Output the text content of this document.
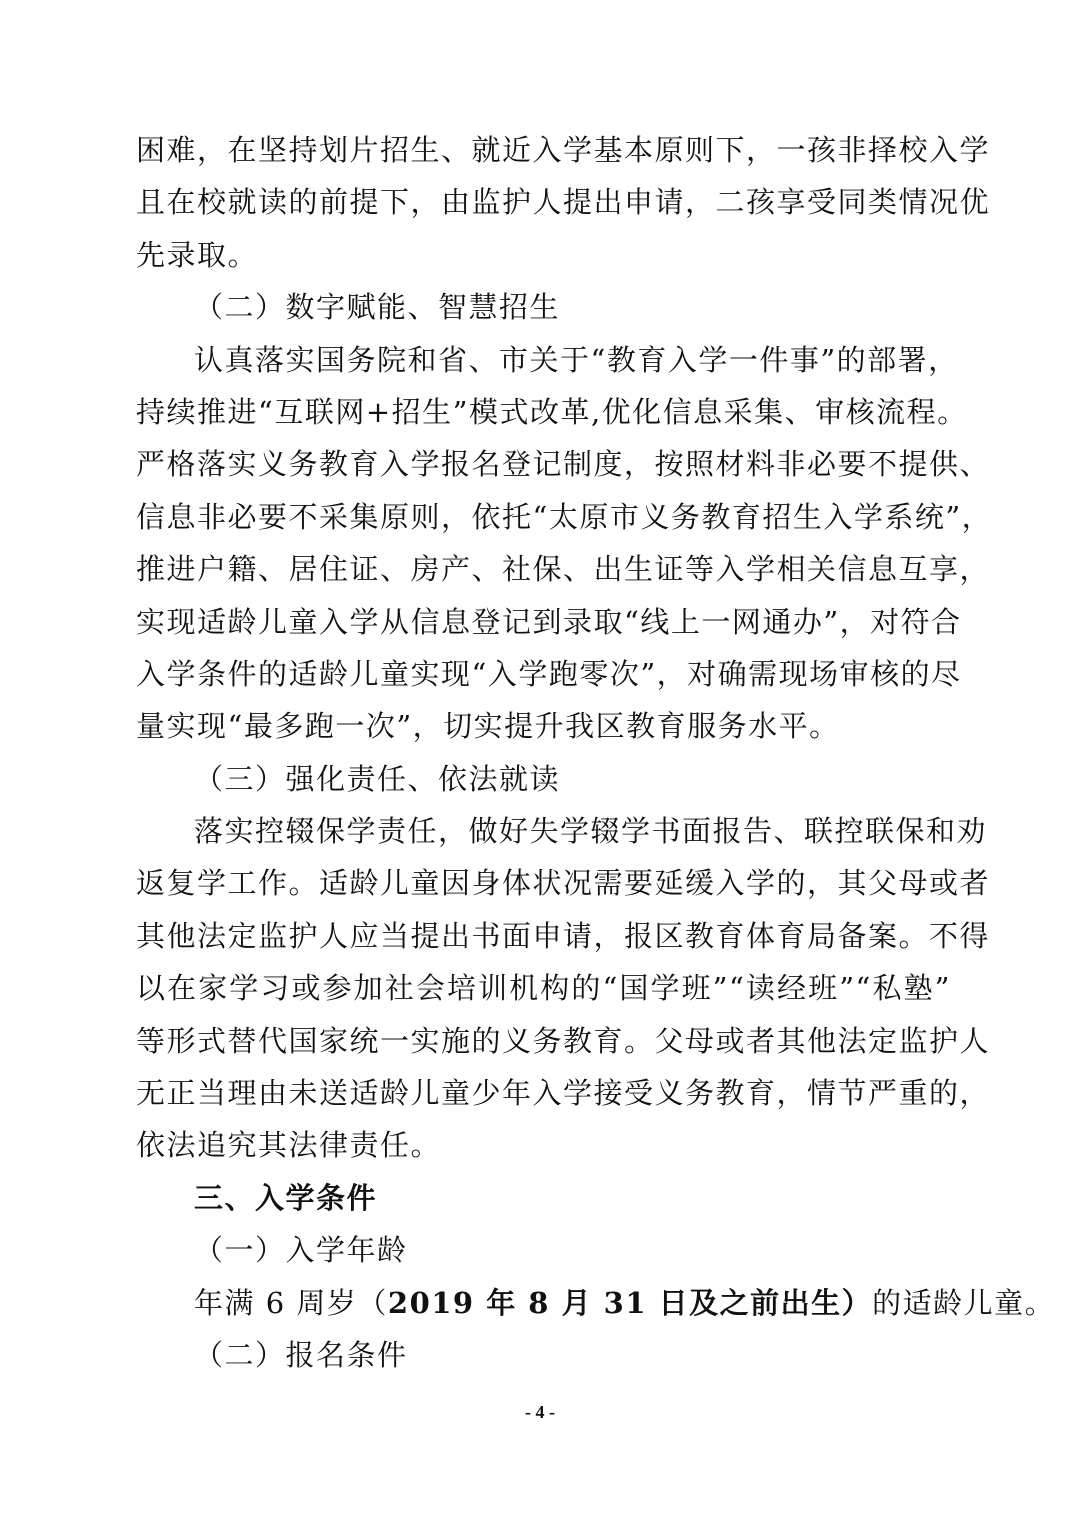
困难，在坚持划片招生、就近入学基本原则下，一孩非择校入学
且在校就读的前提下，由监护人提出申请，二孩享受同类情况优
先录取。
（二）数字赋能、智慧招生
认真落实国务院和省、市关于“教育入学一件事”的部署，
持续推进“互联网+招生”模式改革,优化信息采集、审核流程。
严格落实义务教育入学报名登记制度，按照材料非必要不提供、
信息非必要不采集原则，依托“太原市义务教育招生入学系统”，
推进户籍、居住证、房产、社保、出生证等入学相关信息互享，
实现适龄儿童入学从信息登记到录取“线上一网通办”，对符合
入学条件的适龄儿童实现“入学跑零次”，对确需现场审核的尽
量实现“最多跑一次”，切实提升我区教育服务水平。
（三）强化责任、依法就读
落实控辍保学责任，做好失学辍学书面报告、联控联保和劝
返复学工作。适龄儿童因身体状况需要延缓入学的，其父母或者
其他法定监护人应当提出书面申请，报区教育体育局备案。不得
以在家学习或参加社会培训机构的“国学班”“读经班”“私塾”
等形式替代国家统一实施的义务教育。父母或者其他法定监护人
无正当理由未送适龄儿童少年入学接受义务教育，情节严重的，
依法追究其法律责任。
三、入学条件
（一）入学年龄
年满 6 周岁（2019 年 8 月 31 日及之前出生）的适龄儿童。
（二）报名条件
- 4 -
